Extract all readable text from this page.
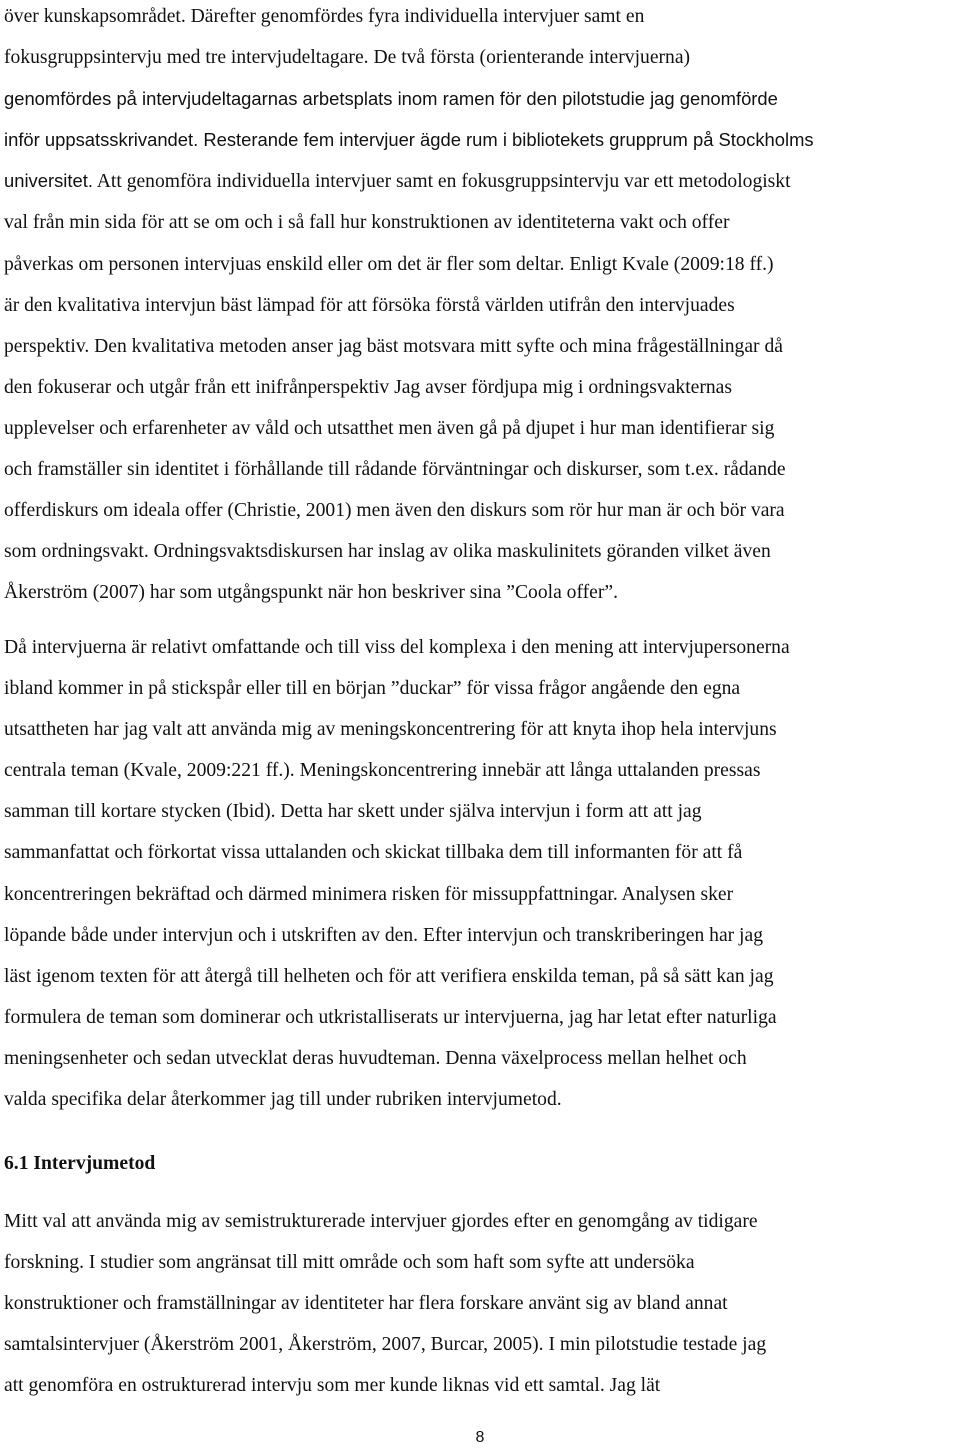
över kunskapsområdet. Därefter genomfördes fyra individuella intervjuer samt en
fokusgruppsintervju med tre intervjudeltagare. De två första (orienterande intervjuerna)
genomfördes på intervjudeltagarnas arbetsplats inom ramen för den pilotstudie jag genomförde
inför uppsatsskrivandet. Resterande fem intervjuer ägde rum i bibliotekets grupprum på Stockholms
universitet. Att genomföra individuella intervjuer samt en fokusgruppsintervju var ett metodologiskt
val från min sida för att se om och i så fall hur konstruktionen av identiteterna vakt och offer
påverkas om personen intervjuas enskild eller om det är fler som deltar. Enligt Kvale (2009:18 ff.)
är den kvalitativa intervjun bäst lämpad för att försöka förstå världen utifrån den intervjuades
perspektiv. Den kvalitativa metoden anser jag bäst motsvara mitt syfte och mina frågeställningar då
den fokuserar och utgår från ett inifrånperspektiv Jag avser fördjupa mig i ordningsvakternas
upplevelser och erfarenheter av våld och utsatthet men även gå på djupet i hur man identifierar sig
och framställer sin identitet i förhållande till rådande förväntningar och diskurser, som t.ex. rådande
offerdiskurs om ideala offer (Christie, 2001) men även den diskurs som rör hur man är och bör vara
som ordningsvakt. Ordningsvaktsdiskursen har inslag av olika maskulinitets göranden vilket även
Åkerström (2007) har som utgångspunkt när hon beskriver sina ”Coola offer”.

Då intervjuerna är relativt omfattande och till viss del komplexa i den mening att intervjupersonerna
ibland kommer in på stickspår eller till en början ”duckar” för vissa frågor angående den egna
utsattheten har jag valt att använda mig av meningskoncentrering för att knyta ihop hela intervjuns
centrala teman (Kvale, 2009:221 ff.). Meningskoncentrering innebär att långa uttalanden pressas
samman till kortare stycken (Ibid). Detta har skett under själva intervjun i form att att jag
sammanfattat och förkortat vissa uttalanden och skickat tillbaka dem till informanten för att få
koncentreringen bekräftad och därmed minimera risken för missuppfattningar. Analysen sker
löpande både under intervjun och i utskriften av den. Efter intervjun och transkriberingen har jag
läst igenom texten för att återgå till helheten och för att verifiera enskilda teman, på så sätt kan jag
formulera de teman som dominerar och utkristalliserats ur intervjuerna, jag har letat efter naturliga
meningsenheter och sedan utvecklat deras huvudteman. Denna växelprocess mellan helhet och
valda specifika delar återkommer jag till under rubriken intervjumetod.

6.1 Intervjumetod

Mitt val att använda mig av semistrukturerade intervjuer gjordes efter en genomgång av tidigare
forskning. I studier som angränsat till mitt område och som haft som syfte att undersöka
konstruktioner och framställningar av identiteter har flera forskare använt sig av bland annat
samtalsintervjuer (Åkerström 2001, Åkerström, 2007, Burcar, 2005). I min pilotstudie testade jag
att genomföra en ostrukturerad intervju som mer kunde liknas vid ett samtal. Jag lät

8
